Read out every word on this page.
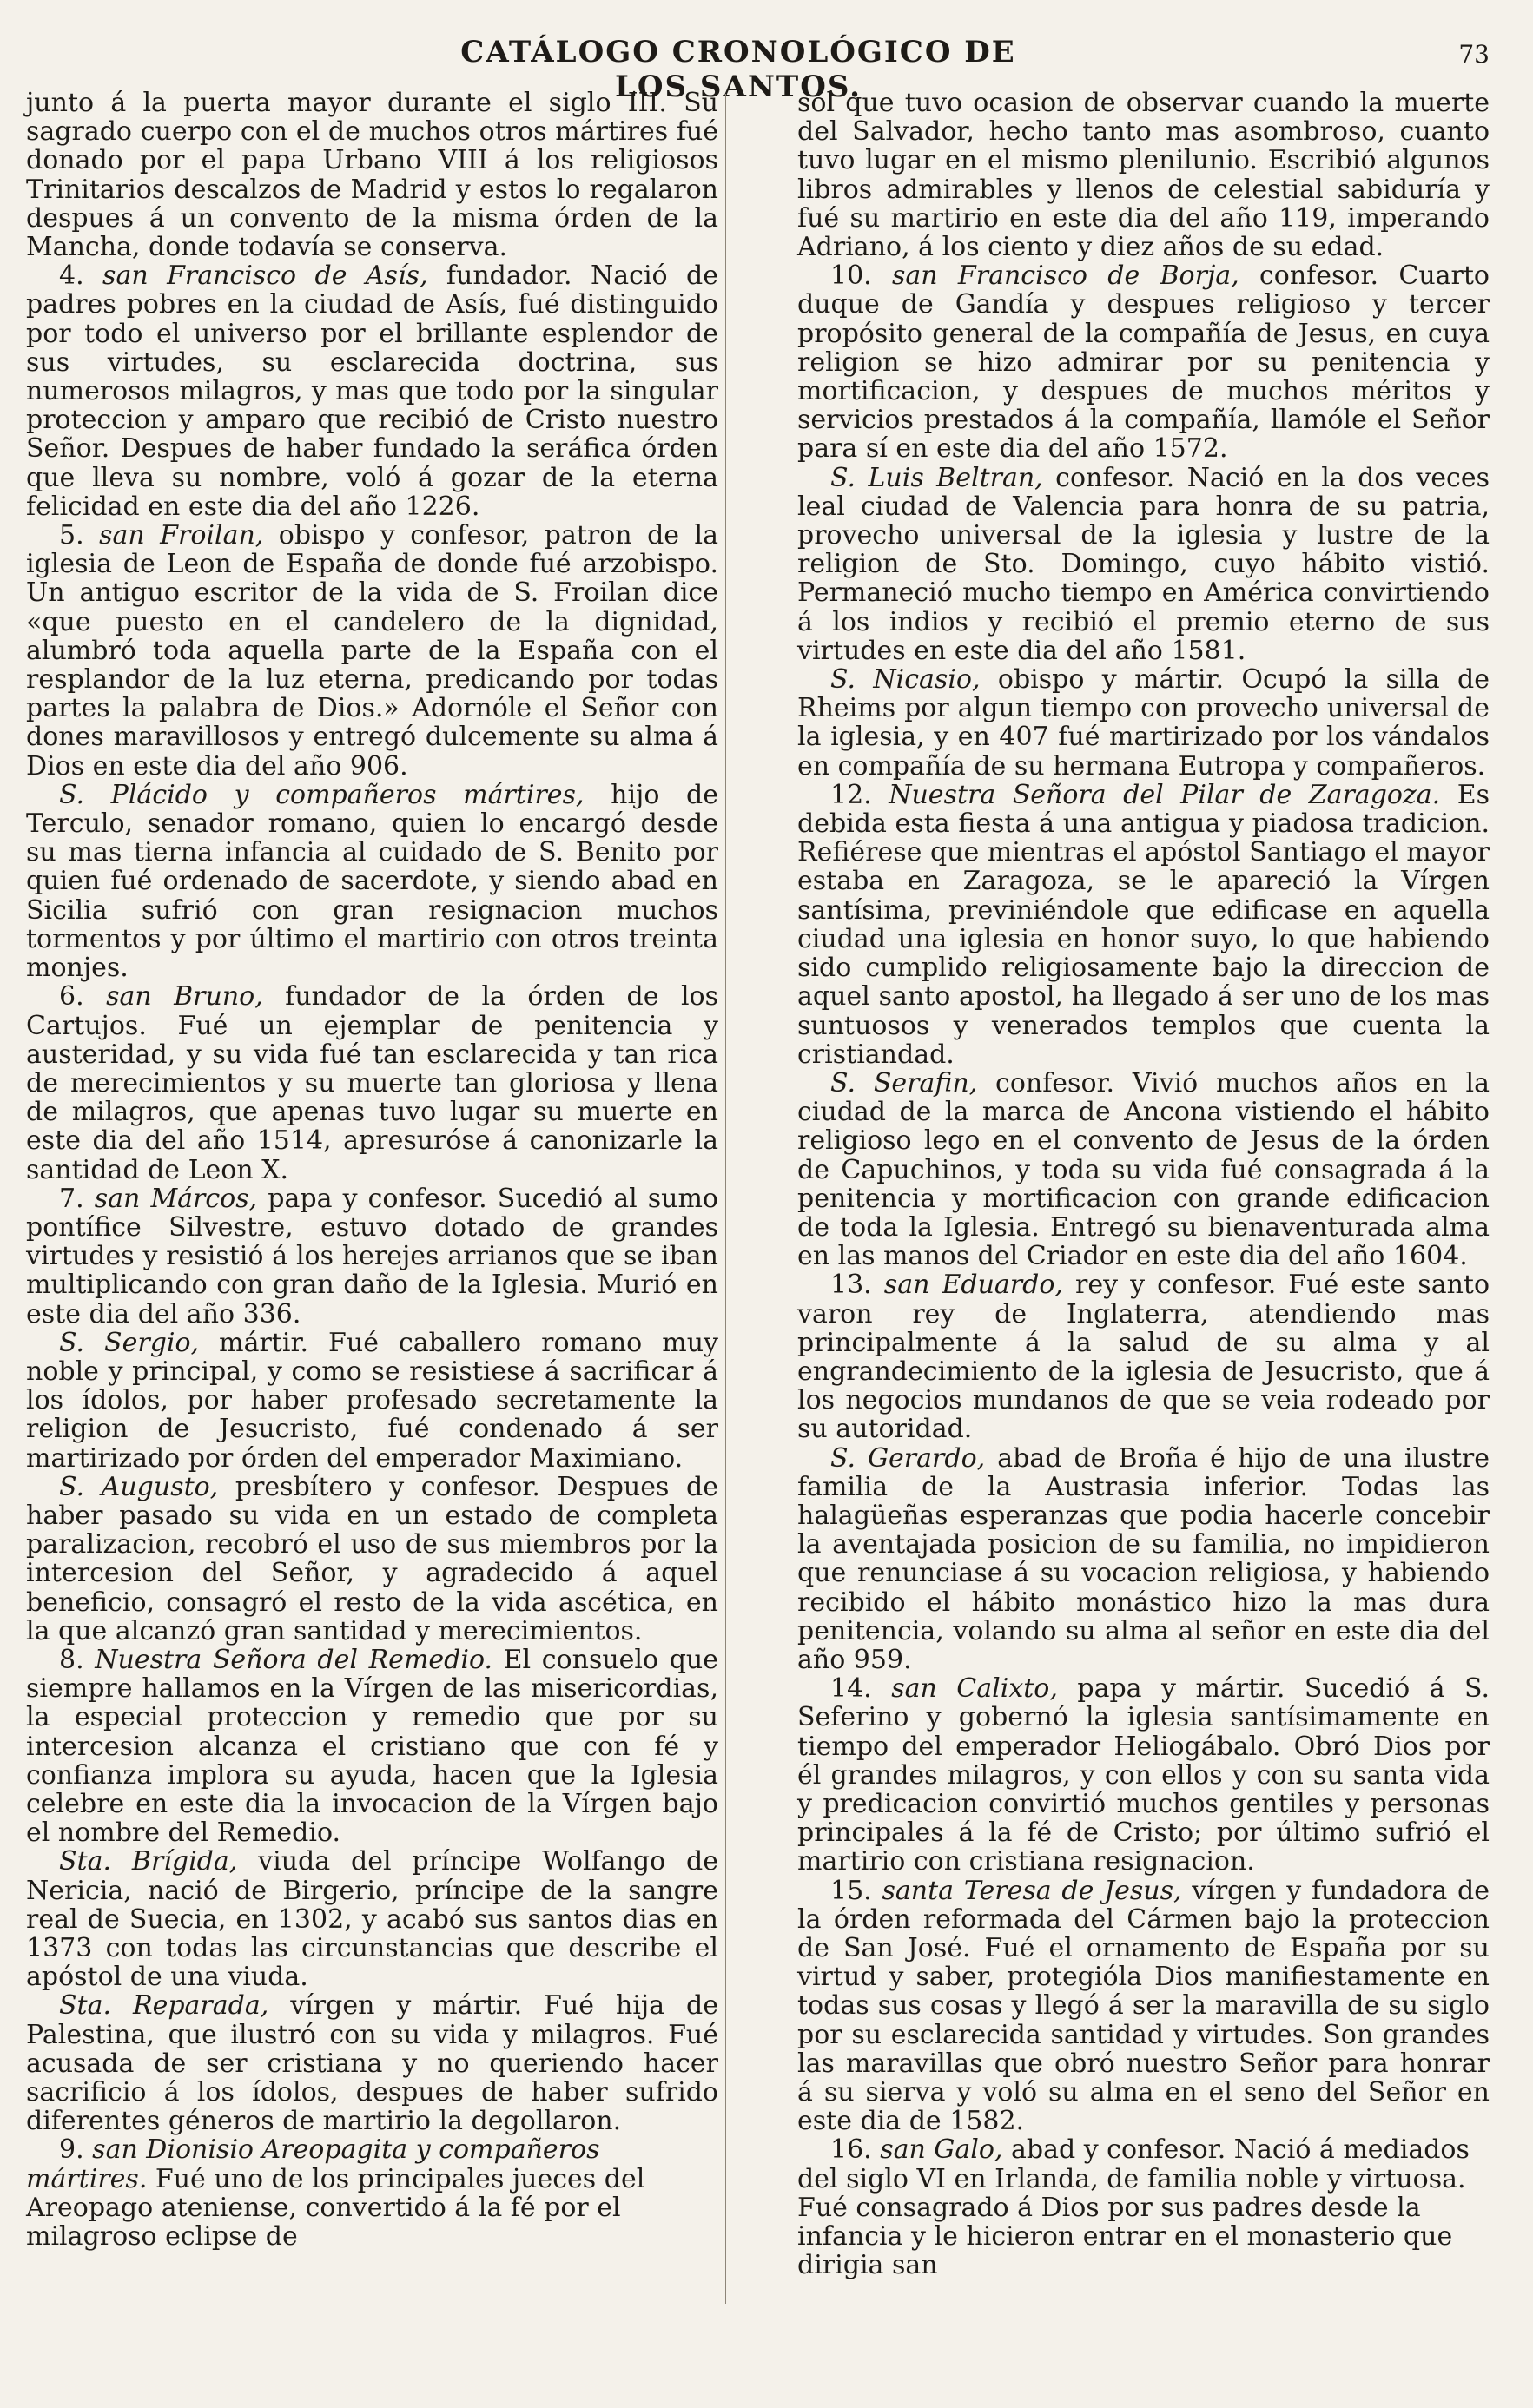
CATÁLOGO CRONOLÓGICO DE LOS SANTOS.
73

junto á la puerta mayor durante el siglo III. Su sagrado cuerpo con el de muchos otros mártires fué donado por el papa Urbano VIII á los religiosos Trinitarios descalzos de Madrid y estos lo regalaron despues á un convento de la misma órden de la Mancha, donde todavía se conserva.

4. san Francisco de Asís, fundador. Nació de padres pobres en la ciudad de Asís, fué distinguido por todo el universo por el brillante esplendor de sus virtudes, su esclarecida doctrina, sus numerosos milagros, y mas que todo por la singular proteccion y amparo que recibió de Cristo nuestro Señor. Despues de haber fundado la seráfica órden que lleva su nombre, voló á gozar de la eterna felicidad en este dia del año 1226.

5. san Froilan, obispo y confesor, patron de la iglesia de Leon de España de donde fué arzobispo. Un antiguo escritor de la vida de S. Froilan dice «que puesto en el candelero de la dignidad, alumbró toda aquella parte de la España con el resplandor de la luz eterna, predicando por todas partes la palabra de Dios.» Adornóle el Señor con dones maravillosos y entregó dulcemente su alma á Dios en este dia del año 906.

S. Plácido y compañeros mártires, hijo de Terculo, senador romano, quien lo encargó desde su mas tierna infancia al cuidado de S. Benito por quien fué ordenado de sacerdote, y siendo abad en Sicilia sufrió con gran resignacion muchos tormentos y por último el martirio con otros treinta monjes.

6. san Bruno, fundador de la órden de los Cartujos. Fué un ejemplar de penitencia y austeridad, y su vida fué tan esclarecida y tan rica de merecimientos y su muerte tan gloriosa y llena de milagros, que apenas tuvo lugar su muerte en este dia del año 1514, apresuróse á canonizarle la santidad de Leon X.

7. san Márcos, papa y confesor. Sucedió al sumo pontífice Silvestre, estuvo dotado de grandes virtudes y resistió á los herejes arrianos que se iban multiplicando con gran daño de la Iglesia. Murió en este dia del año 336.

S. Sergio, mártir. Fué caballero romano muy noble y principal, y como se resistiese á sacrificar á los ídolos, por haber profesado secretamente la religion de Jesucristo, fué condenado á ser martirizado por órden del emperador Maximiano.

S. Augusto, presbítero y confesor. Despues de haber pasado su vida en un estado de completa paralizacion, recobró el uso de sus miembros por la intercesion del Señor, y agradecido á aquel beneficio, consagró el resto de la vida ascética, en la que alcanzó gran santidad y merecimientos.

8. Nuestra Señora del Remedio. El consuelo que siempre hallamos en la Vírgen de las misericordias, la especial proteccion y remedio que por su intercesion alcanza el cristiano que con fé y confianza implora su ayuda, hacen que la Iglesia celebre en este dia la invocacion de la Vírgen bajo el nombre del Remedio.

Sta. Brígida, viuda del príncipe Wolfango de Nericia, nació de Birgerio, príncipe de la sangre real de Suecia, en 1302, y acabó sus santos dias en 1373 con todas las circunstancias que describe el apóstol de una viuda.

Sta. Reparada, vírgen y mártir. Fué hija de Palestina, que ilustró con su vida y milagros. Fué acusada de ser cristiana y no queriendo hacer sacrificio á los ídolos, despues de haber sufrido diferentes géneros de martirio la degollaron.

9. san Dionisio Areopagita y compañeros mártires. Fué uno de los principales jueces del Areopago ateniense, convertido á la fé por el milagroso eclipse de

sol que tuvo ocasion de observar cuando la muerte del Salvador, hecho tanto mas asombroso, cuanto tuvo lugar en el mismo plenilunio. Escribió algunos libros admirables y llenos de celestial sabiduría y fué su martirio en este dia del año 119, imperando Adriano, á los ciento y diez años de su edad.

10. san Francisco de Borja, confesor. Cuarto duque de Gandía y despues religioso y tercer propósito general de la compañía de Jesus, en cuya religion se hizo admirar por su penitencia y mortificacion, y despues de muchos méritos y servicios prestados á la compañía, llamóle el Señor para sí en este dia del año 1572.

S. Luis Beltran, confesor. Nació en la dos veces leal ciudad de Valencia para honra de su patria, provecho universal de la iglesia y lustre de la religion de Sto. Domingo, cuyo hábito vistió. Permaneció mucho tiempo en América convirtiendo á los indios y recibió el premio eterno de sus virtudes en este dia del año 1581.

S. Nicasio, obispo y mártir. Ocupó la silla de Rheims por algun tiempo con provecho universal de la iglesia, y en 407 fué martirizado por los vándalos en compañía de su hermana Eutropa y compañeros.

12. Nuestra Señora del Pilar de Zaragoza. Es debida esta fiesta á una antigua y piadosa tradicion. Refiérese que mientras el apóstol Santiago el mayor estaba en Zaragoza, se le apareció la Vírgen santísima, previniéndole que edificase en aquella ciudad una iglesia en honor suyo, lo que habiendo sido cumplido religiosamente bajo la direccion de aquel santo apostol, ha llegado á ser uno de los mas suntuosos y venerados templos que cuenta la cristiandad.

S. Serafin, confesor. Vivió muchos años en la ciudad de la marca de Ancona vistiendo el hábito religioso lego en el convento de Jesus de la órden de Capuchinos, y toda su vida fué consagrada á la penitencia y mortificacion con grande edificacion de toda la Iglesia. Entregó su bienaventurada alma en las manos del Criador en este dia del año 1604.

13. san Eduardo, rey y confesor. Fué este santo varon rey de Inglaterra, atendiendo mas principalmente á la salud de su alma y al engrandecimiento de la iglesia de Jesucristo, que á los negocios mundanos de que se veia rodeado por su autoridad.

S. Gerardo, abad de Broña é hijo de una ilustre familia de la Austrasia inferior. Todas las halagüeñas esperanzas que podia hacerle concebir la aventajada posicion de su familia, no impidieron que renunciase á su vocacion religiosa, y habiendo recibido el hábito monástico hizo la mas dura penitencia, volando su alma al señor en este dia del año 959.

14. san Calixto, papa y mártir. Sucedió á S. Seferino y gobernó la iglesia santísimamente en tiempo del emperador Heliogábalo. Obró Dios por él grandes milagros, y con ellos y con su santa vida y predicacion convirtió muchos gentiles y personas principales á la fé de Cristo; por último sufrió el martirio con cristiana resignacion.

15. santa Teresa de Jesus, vírgen y fundadora de la órden reformada del Cármen bajo la proteccion de San José. Fué el ornamento de España por su virtud y saber, protegióla Dios manifiestamente en todas sus cosas y llegó á ser la maravilla de su siglo por su esclarecida santidad y virtudes. Son grandes las maravillas que obró nuestro Señor para honrar á su sierva y voló su alma en el seno del Señor en este dia de 1582.

16. san Galo, abad y confesor. Nació á mediados del siglo VI en Irlanda, de familia noble y virtuosa. Fué consagrado á Dios por sus padres desde la infancia y le hicieron entrar en el monasterio que dirigia san
